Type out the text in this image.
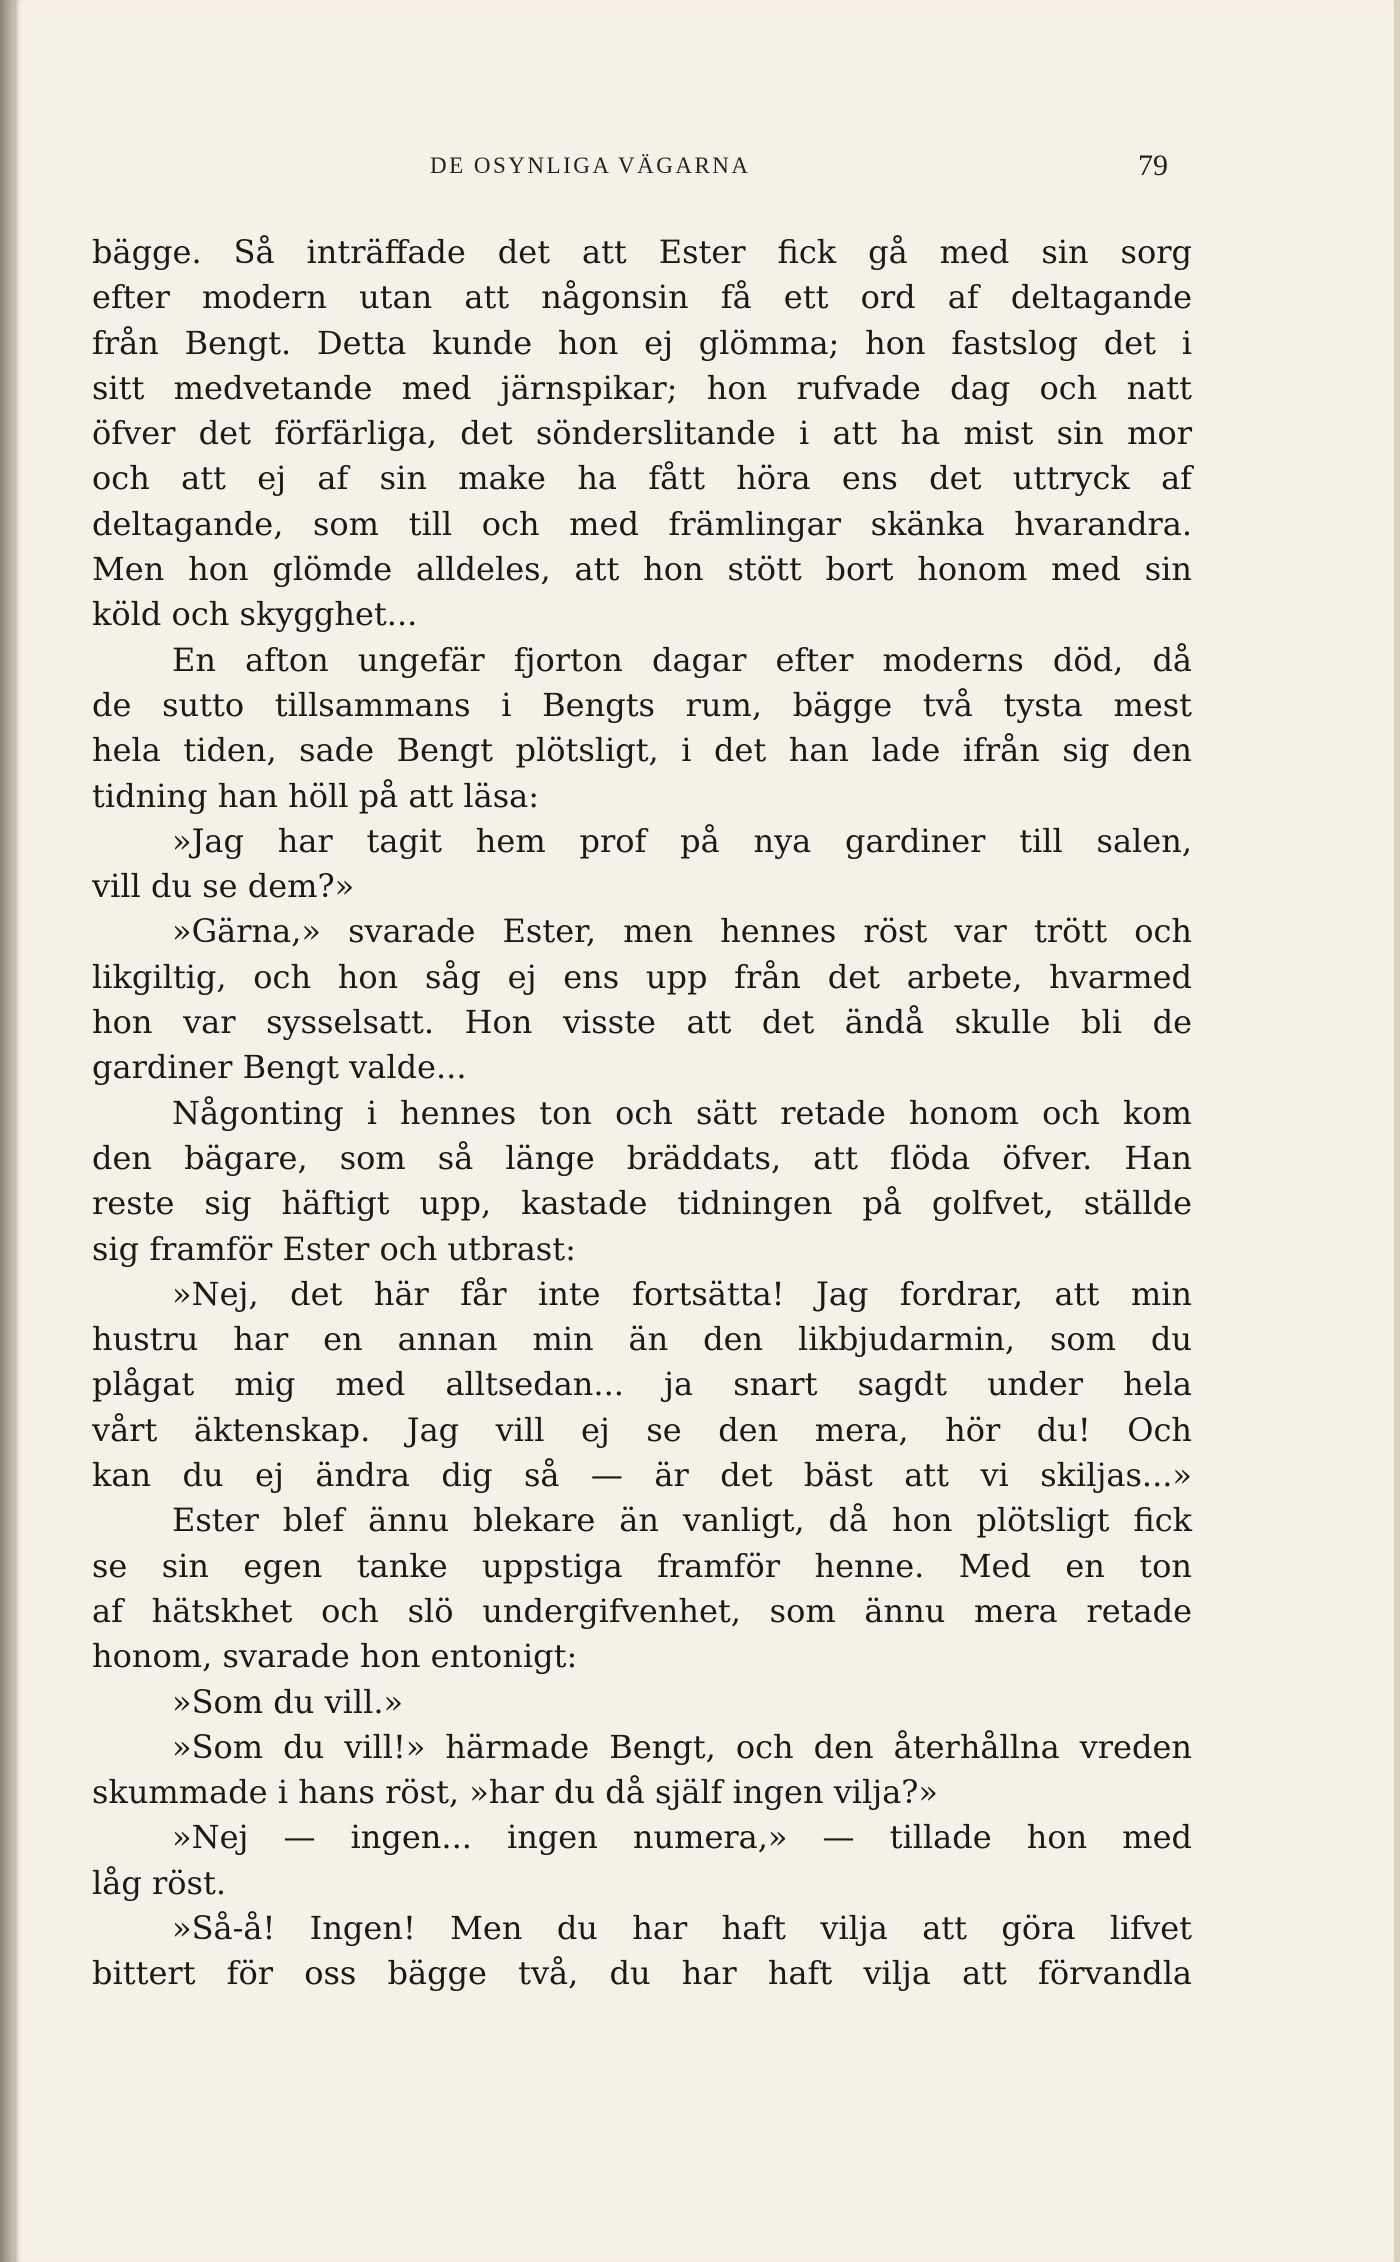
DE OSYNLIGA VÄGARNA	79
bägge. Så inträffade det att Ester fick gå med sin sorg
efter modern utan att någonsin få ett ord af deltagande
från Bengt. Detta kunde hon ej glömma; hon fastslog det i
sitt medvetande med järnspikar; hon rufvade dag och natt
öfver det förfärliga, det sönderslitande i att ha mist sin mor
och att ej af sin make ha fått höra ens det uttryck af
deltagande, som till och med främlingar skänka hvarandra.
Men hon glömde alldeles, att hon stött bort honom med sin
köld och skygghet...
En afton ungefär fjorton dagar efter moderns död, då
de sutto tillsammans i Bengts rum, bägge två tysta mest
hela tiden, sade Bengt plötsligt, i det han lade ifrån sig den
tidning han höll på att läsa:
»Jag har tagit hem prof på nya gardiner till salen,
vill du se dem?»
»Gärna,» svarade Ester, men hennes röst var trött och
likgiltig, och hon såg ej ens upp från det arbete, hvarmed
hon var sysselsatt. Hon visste att det ändå skulle bli de
gardiner Bengt valde...
Någonting i hennes ton och sätt retade honom och kom
den bägare, som så länge bräddats, att flöda öfver. Han
reste sig häftigt upp, kastade tidningen på golfvet, ställde
sig framför Ester och utbrast:
»Nej, det här får inte fortsätta! Jag fordrar, att min
hustru har en annan min än den likbjudarmin, som du
plågat mig med alltsedan... ja snart sagdt under hela
vårt äktenskap. Jag vill ej se den mera, hör du! Och
kan du ej ändra dig så — är det bäst att vi skiljas...»
Ester blef ännu blekare än vanligt, då hon plötsligt fick
se sin egen tanke uppstiga framför henne. Med en ton
af hätskhet och slö undergifvenhet, som ännu mera retade
honom, svarade hon entonigt:
»Som du vill.»
»Som du vill!» härmade Bengt, och den återhållna vreden
skummade i hans röst, »har du då själf ingen vilja?»
»Nej — ingen... ingen numera,» — tillade hon med
låg röst.
»Så-å! Ingen! Men du har haft vilja att göra lifvet
bittert för oss bägge två, du har haft vilja att förvandla
